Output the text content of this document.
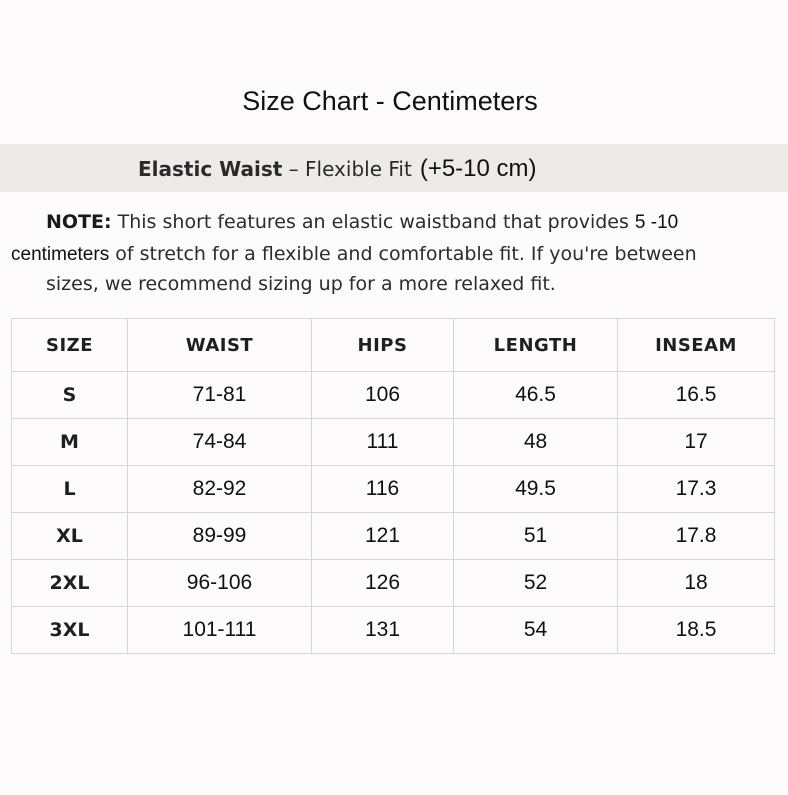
Size Chart - Centimeters
Elastic Waist – Flexible Fit (+5-10 cm)
NOTE: This short features an elastic waistband that provides 5 -10
centimeters of stretch for a flexible and comfortable fit. If you're between
sizes, we recommend sizing up for a more relaxed fit.
SIZE	WAIST	HIPS	LENGTH	INSEAM
S	71-81	106	46.5	16.5
M	74-84	111	48	17
L	82-92	116	49.5	17.3
XL	89-99	121	51	17.8
2XL	96-106	126	52	18
3XL	101-111	131	54	18.5
